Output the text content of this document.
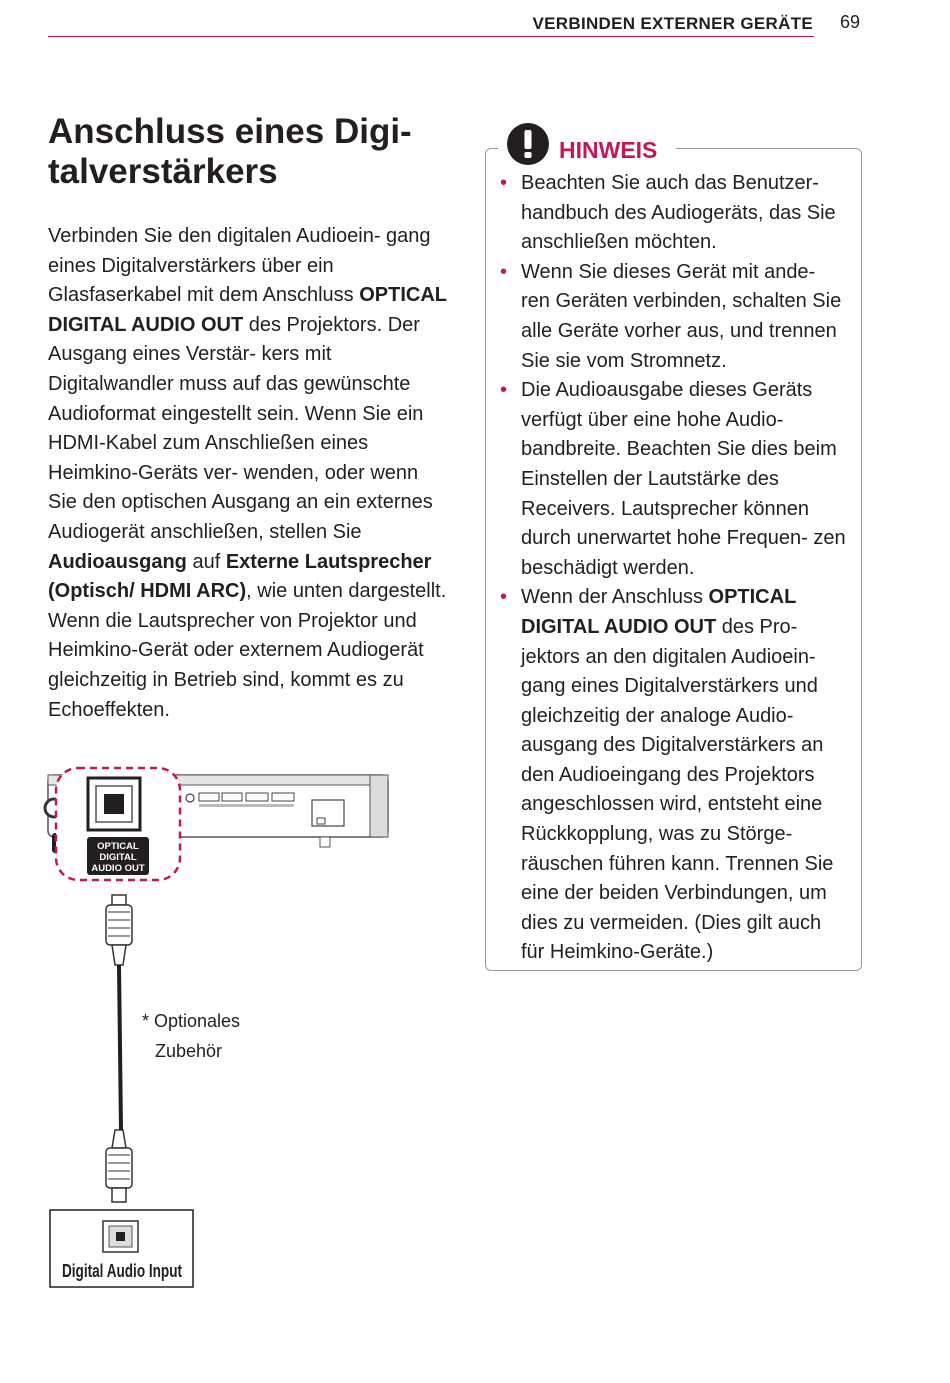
VERBINDEN EXTERNER GERÄTE 69
Anschluss eines Digi-
talverstärkers

Verbinden Sie den digitalen Audioein- gang eines Digitalverstärkers über ein Glasfaserkabel mit dem Anschluss OPTICAL DIGITAL AUDIO OUT des Projektors. Der Ausgang eines Verstär- kers mit Digitalwandler muss auf das gewünschte Audioformat eingestellt sein. Wenn Sie ein HDMI-Kabel zum Anschließen eines Heimkino-Geräts ver- wenden, oder wenn Sie den optischen Ausgang an ein externes Audiogerät anschließen, stellen Sie Audioausgang auf Externe Lautsprecher (Optisch/ HDMI ARC), wie unten dargestellt. Wenn die Lautsprecher von Projektor und Heimkino-Gerät oder externem Audiogerät gleichzeitig in Betrieb sind, kommt es zu Echoeffekten.

HINWEIS
• Beachten Sie auch das Benutzer- handbuch des Audiogeräts, das Sie anschließen möchten.
• Wenn Sie dieses Gerät mit ande- ren Geräten verbinden, schalten Sie alle Geräte vorher aus, und trennen Sie sie vom Stromnetz.
• Die Audioausgabe dieses Geräts verfügt über eine hohe Audio- bandbreite. Beachten Sie dies beim Einstellen der Lautstärke des Receivers. Lautsprecher können durch unerwartet hohe Frequen- zen beschädigt werden.
• Wenn der Anschluss OPTICAL DIGITAL AUDIO OUT des Pro- jektors an den digitalen Audioein- gang eines Digitalverstärkers und gleichzeitig der analoge Audio- ausgang des Digitalverstärkers an den Audioeingang des Projektors angeschlossen wird, entsteht eine Rückkopplung, was zu Störge- räuschen führen kann. Trennen Sie eine der beiden Verbindungen, um dies zu vermeiden. (Dies gilt auch für Heimkino-Geräte.)
OPTICAL
DIGITAL
AUDIO OUT
Digital Audio Input
* Optionales
Zubehör
